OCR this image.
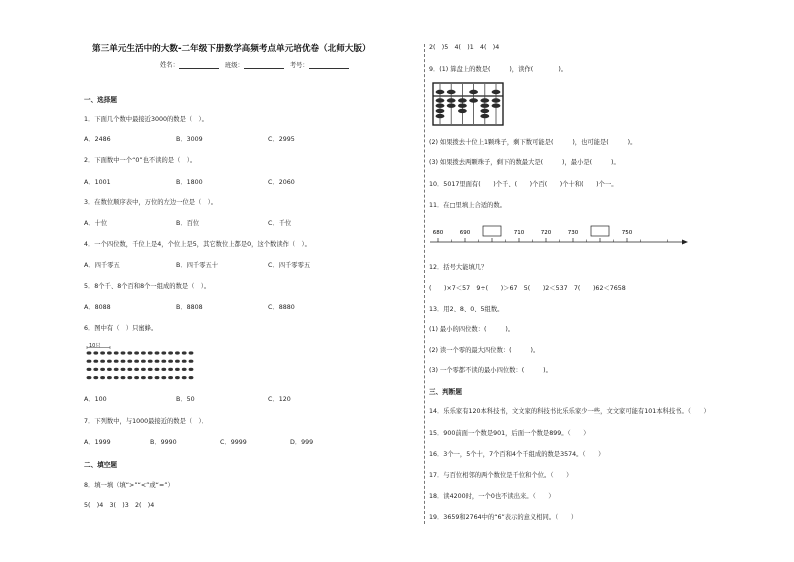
第三单元生活中的大数-二年级下册数学高频考点单元培优卷（北师大版）
姓名：	班级：	考号：
一、选择题
1．下面几个数中最接近3000的数是（　）。
A．2486	B．3009	C．2995
2．下面数中一个“0”也不读的是（　）。
A．1001	B．1800	C．2060
3．在数位顺序表中，万位的左边一位是（　）。
A．十位	B．百位	C．千位
4．一个四位数，千位上是4，个位上是5，其它数位上都是0，这个数读作（　）。
A．四千零五	B．四千零五十	C．四千零零五
5．8个千、8个百和8个一组成的数是（　）。
A．8088	B．8808	C．8880
6．图中有（　）只蜜蜂。
10只
A．100	B．50	C．120
7．下列数中，与1000最接近的数是（　）．
A．1999	B．9990	C．9999	D．999
二、填空题
8．填一填（填“>”“<”或“=”）
5(　)4　3(　)3　2(　)4
2(　)5　4(　)1　4(　)4
9．(1) 算盘上的数是(　　　)，读作(　　　　)。
(2) 如果拨去十位上1颗珠子，剩下数可能是(　　　)，也可能是(　　　)。
(3) 如果拨去两颗珠子，剩下的数最大是(　　　)，最小是(　　　)。
10．5017里面有(　　)个千、(　　)个百(　　)个十和(　　)个一。
11．在□里填上合适的数。
680	690	710	720	730	750
12．括号大能填几？
(　　)×7＜57　9÷(　　)＞67　5(　　)2＜537　7(　　)62＜7658
13．用2、8、0、5组数。
(1) 最小的四位数：(　　　)。
(2) 读一个零的最大四位数：(　　　)。
(3) 一个零都不读的最小四位数：(　　　)。
三、判断题
14．乐乐家有120本科技书，文文家的科技书比乐乐家少一些，文文家可能有101本科技书。（　　）
15．900前面一个数是901，后面一个数是899。（　　）
16．3个一，5个十，7个百和4个千组成的数是3574。（　　）
17．与百位相邻的两个数位是千位和个位。（　　）
18．读4200时，一个0也不读出来。（　　）
19．3659和2764中的“6”表示的意义相同。（　　）
